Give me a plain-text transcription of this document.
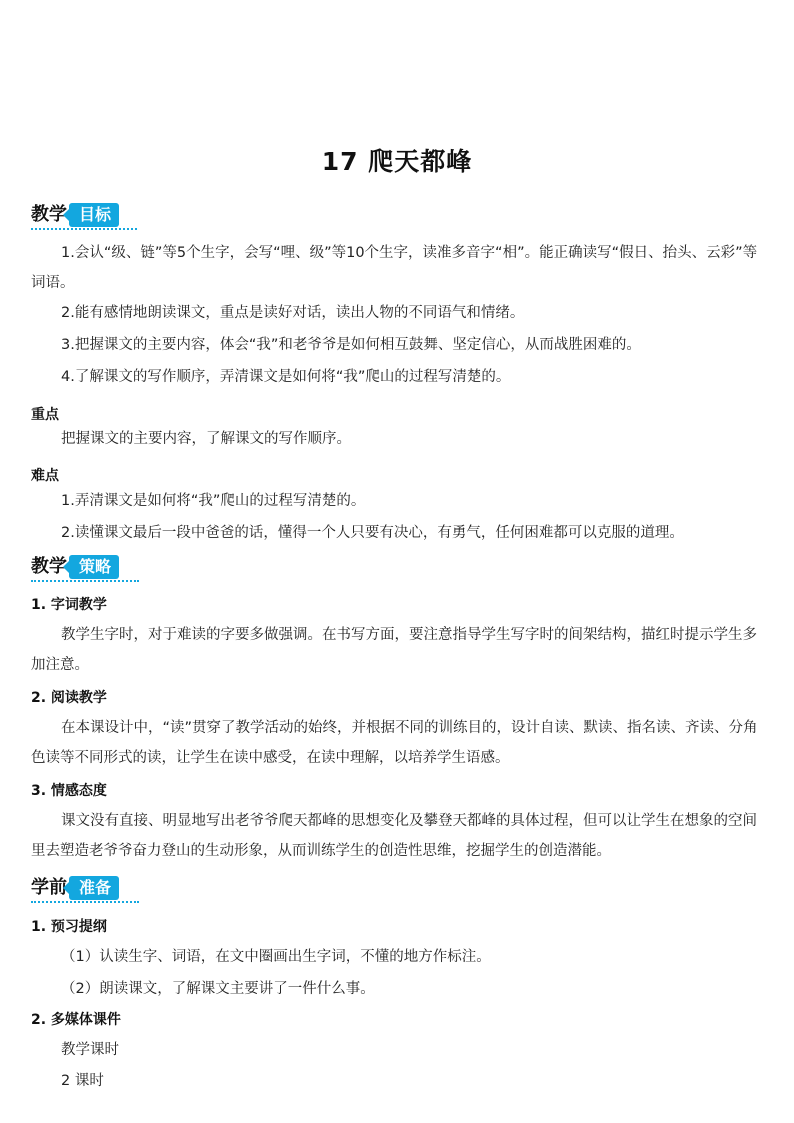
17 爬天都峰
教学 目标
1.会认“级、链”等5个生字，会写“哩、级”等10个生字，读准多音字“相”。能正确读写“假日、抬头、云彩”等词语。
2.能有感情地朗读课文，重点是读好对话，读出人物的不同语气和情绪。
3.把握课文的主要内容，体会“我”和老爷爷是如何相互鼓舞、坚定信心，从而战胜困难的。
4.了解课文的写作顺序，弄清课文是如何将“我”爬山的过程写清楚的。
重点
把握课文的主要内容，了解课文的写作顺序。
难点
1.弄清课文是如何将“我”爬山的过程写清楚的。
2.读懂课文最后一段中爸爸的话，懂得一个人只要有决心，有勇气，任何困难都可以克服的道理。
教学 策略
1. 字词教学
教学生字时，对于难读的字要多做强调。在书写方面，要注意指导学生写字时的间架结构，描红时提示学生多加注意。
2. 阅读教学
在本课设计中，“读”贯穿了教学活动的始终，并根据不同的训练目的，设计自读、默读、指名读、齐读、分角色读等不同形式的读，让学生在读中感受，在读中理解，以培养学生语感。
3. 情感态度
课文没有直接、明显地写出老爷爷爬天都峰的思想变化及攀登天都峰的具体过程，但可以让学生在想象的空间里去塑造老爷爷奋力登山的生动形象，从而训练学生的创造性思维，挖掘学生的创造潜能。
学前 准备
1. 预习提纲
（1）认读生字、词语，在文中圈画出生字词，不懂的地方作标注。
（2）朗读课文，了解课文主要讲了一件什么事。
2. 多媒体课件
教学课时
2 课时
